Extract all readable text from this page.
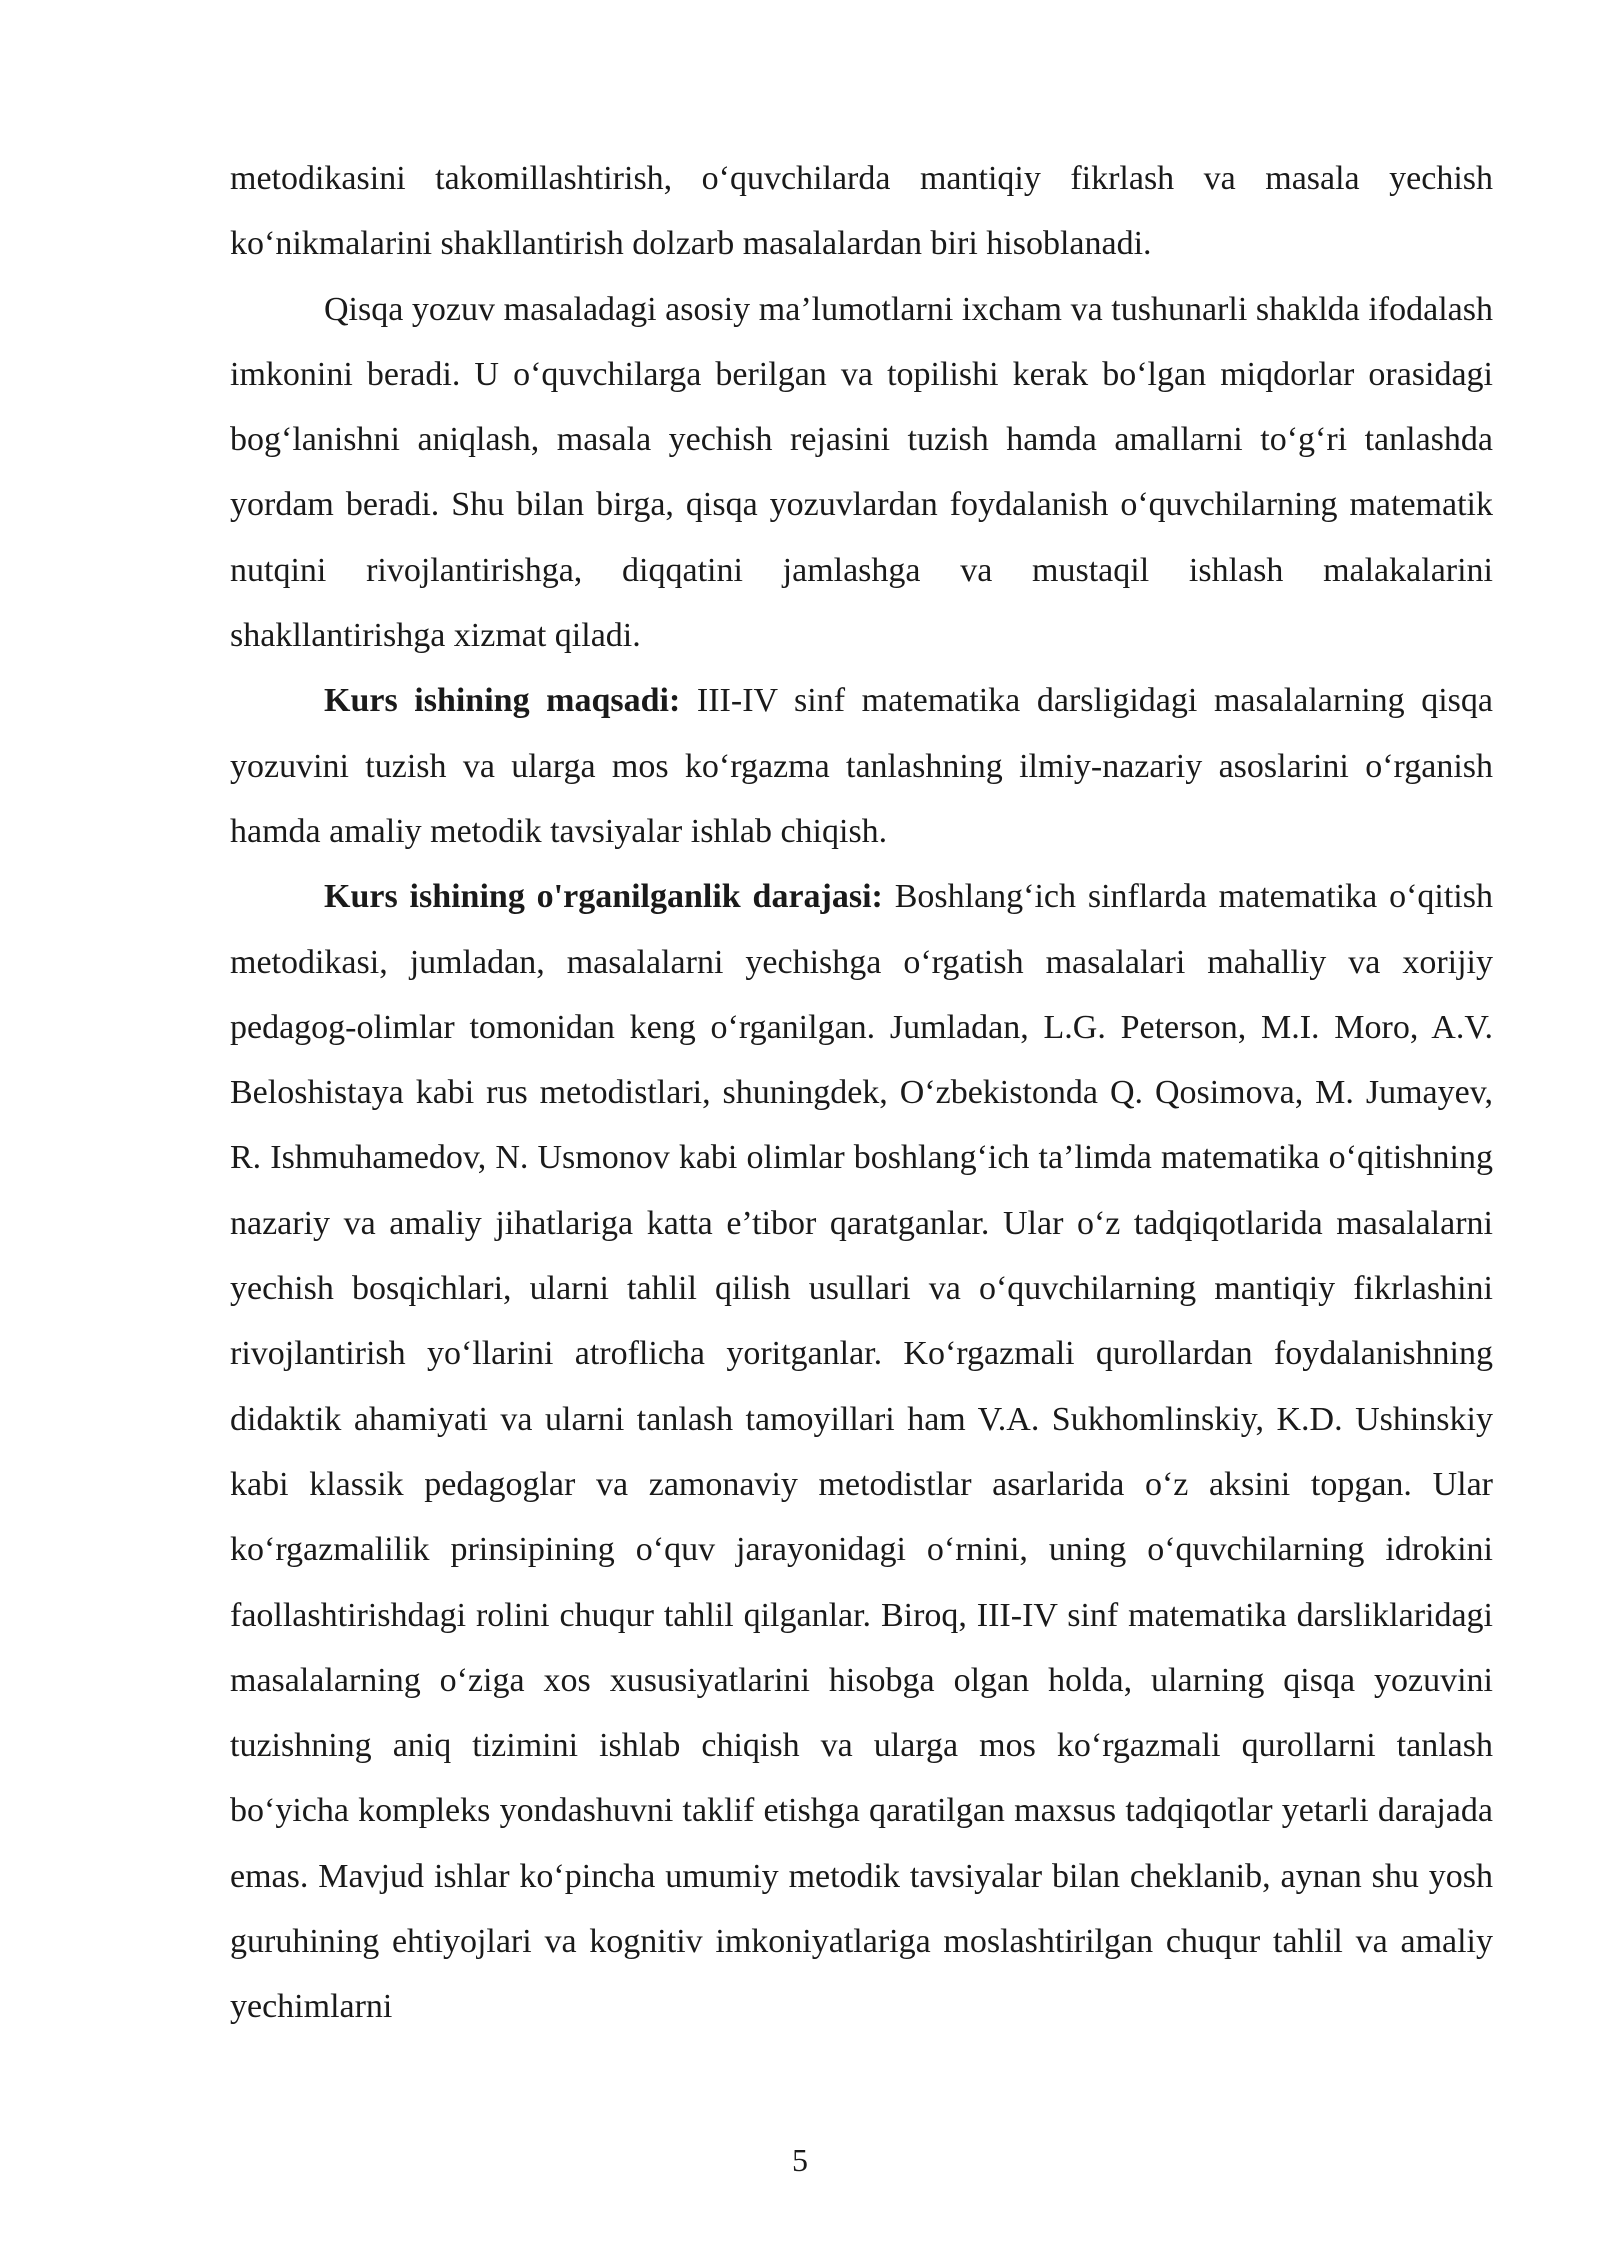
metodikasini takomillashtirish, o‘quvchilarda mantiqiy fikrlash va masala yechish ko‘nikmalarini shakllantirish dolzarb masalalardan biri hisoblanadi.

Qisqa yozuv masaladagi asosiy ma’lumotlarni ixcham va tushunarli shaklda ifodalash imkonini beradi. U o‘quvchilarga berilgan va topilishi kerak bo‘lgan miqdorlar orasidagi bog‘lanishni aniqlash, masala yechish rejasini tuzish hamda amallarni to‘g‘ri tanlashda yordam beradi. Shu bilan birga, qisqa yozuvlardan foydalanish o‘quvchilarning matematik nutqini rivojlantirishga, diqqatini jamlashga va mustaqil ishlash malakalarini shakllantirishga xizmat qiladi.

Kurs ishining maqsadi: III-IV sinf matematika darsligidagi masalalarning qisqa yozuvini tuzish va ularga mos ko‘rgazma tanlashning ilmiy-nazariy asoslarini o‘rganish hamda amaliy metodik tavsiyalar ishlab chiqish.

Kurs ishining o'rganilganlik darajasi: Boshlang‘ich sinflarda matematika o‘qitish metodikasi, jumladan, masalalarni yechishga o‘rgatish masalalari mahalliy va xorijiy pedagog-olimlar tomonidan keng o‘rganilgan. Jumladan, L.G. Peterson, M.I. Moro, A.V. Beloshistaya kabi rus metodistlari, shuningdek, O‘zbekistonda Q. Qosimova, M. Jumayev, R. Ishmuhamedov, N. Usmonov kabi olimlar boshlang‘ich ta’limda matematika o‘qitishning nazariy va amaliy jihatlariga katta e’tibor qaratganlar. Ular o‘z tadqiqotlarida masalalarni yechish bosqichlari, ularni tahlil qilish usullari va o‘quvchilarning mantiqiy fikrlashini rivojlantirish yo‘llarini atroflicha yoritganlar. Ko‘rgazmali qurollardan foydalanishning didaktik ahamiyati va ularni tanlash tamoyillari ham V.A. Sukhomlinskiy, K.D. Ushinskiy kabi klassik pedagoglar va zamonaviy metodistlar asarlarida o‘z aksini topgan. Ular ko‘rgazmalilik prinsipining o‘quv jarayonidagi o‘rnini, uning o‘quvchilarning idrokini faollashtirishdagi rolini chuqur tahlil qilganlar. Biroq, III-IV sinf matematika darsliklaridagi masalalarning o‘ziga xos xususiyatlarini hisobga olgan holda, ularning qisqa yozuvini tuzishning aniq tizimini ishlab chiqish va ularga mos ko‘rgazmali qurollarni tanlash bo‘yicha kompleks yondashuvni taklif etishga qaratilgan maxsus tadqiqotlar yetarli darajada emas. Mavjud ishlar ko‘pincha umumiy metodik tavsiyalar bilan cheklanib, aynan shu yosh guruhining ehtiyojlari va kognitiv imkoniyatlariga moslashtirilgan chuqur tahlil va amaliy yechimlarni

5
